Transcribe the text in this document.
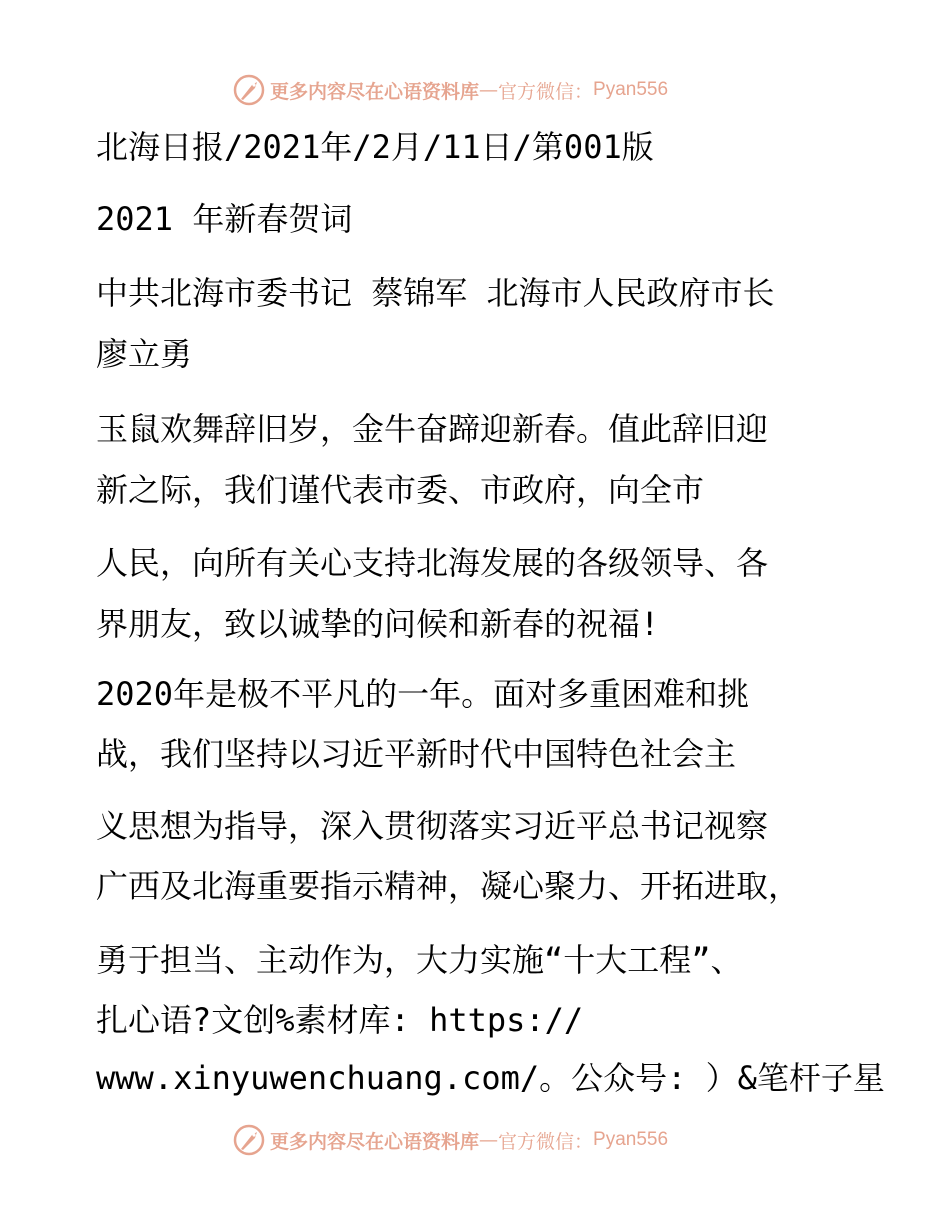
更多内容尽在心语资料库 — 官方微信： Pyan556
北海日报/2021年/2月/11日/第001版
2021 年新春贺词
中共北海市委书记 蔡锦军 北海市人民政府市长
廖立勇
玉鼠欢舞辞旧岁，金牛奋蹄迎新春。值此辞旧迎
新之际，我们谨代表市委、市政府，向全市
人民，向所有关心支持北海发展的各级领导、各
界朋友，致以诚挚的问候和新春的祝福!
2020年是极不平凡的一年。面对多重困难和挑
战，我们坚持以习近平新时代中国特色社会主
义思想为指导，深入贯彻落实习近平总书记视察
广西及北海重要指示精神，凝心聚力、开拓进取，
勇于担当、主动作为，大力实施“十大工程”、
扎心语?文创%素材库: https://
www.xinyuwenchuang.com/。公众号: ）&笔杆子星
更多内容尽在心语资料库 — 官方微信： Pyan556
